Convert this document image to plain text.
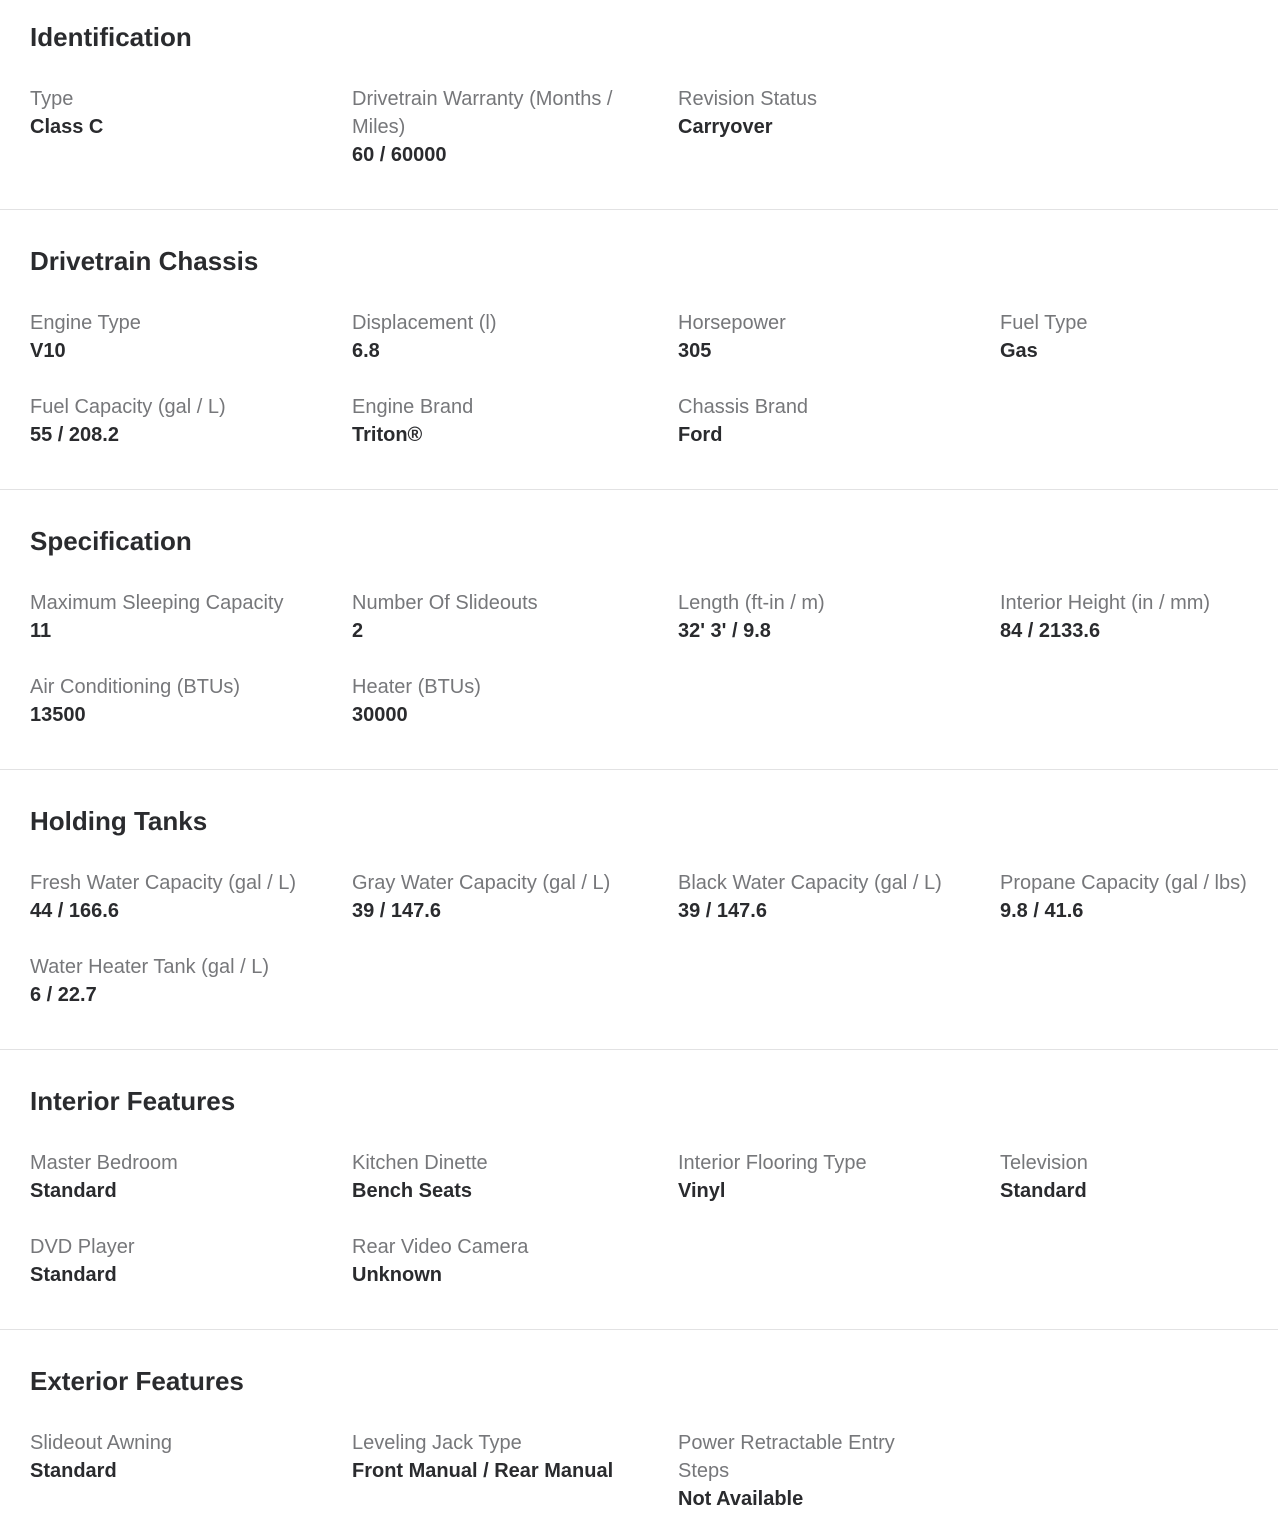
Identification
Type
Class C
Drivetrain Warranty (Months / Miles)
60 / 60000
Revision Status
Carryover
Drivetrain Chassis
Engine Type
V10
Displacement (l)
6.8
Horsepower
305
Fuel Type
Gas
Fuel Capacity (gal / L)
55 / 208.2
Engine Brand
Triton®
Chassis Brand
Ford
Specification
Maximum Sleeping Capacity
11
Number Of Slideouts
2
Length (ft-in / m)
32' 3' / 9.8
Interior Height (in / mm)
84 / 2133.6
Air Conditioning (BTUs)
13500
Heater (BTUs)
30000
Holding Tanks
Fresh Water Capacity (gal / L)
44 / 166.6
Gray Water Capacity (gal / L)
39 / 147.6
Black Water Capacity (gal / L)
39 / 147.6
Propane Capacity (gal / lbs)
9.8 / 41.6
Water Heater Tank (gal / L)
6 / 22.7
Interior Features
Master Bedroom
Standard
Kitchen Dinette
Bench Seats
Interior Flooring Type
Vinyl
Television
Standard
DVD Player
Standard
Rear Video Camera
Unknown
Exterior Features
Slideout Awning
Standard
Leveling Jack Type
Front Manual / Rear Manual
Power Retractable Entry Steps
Not Available
